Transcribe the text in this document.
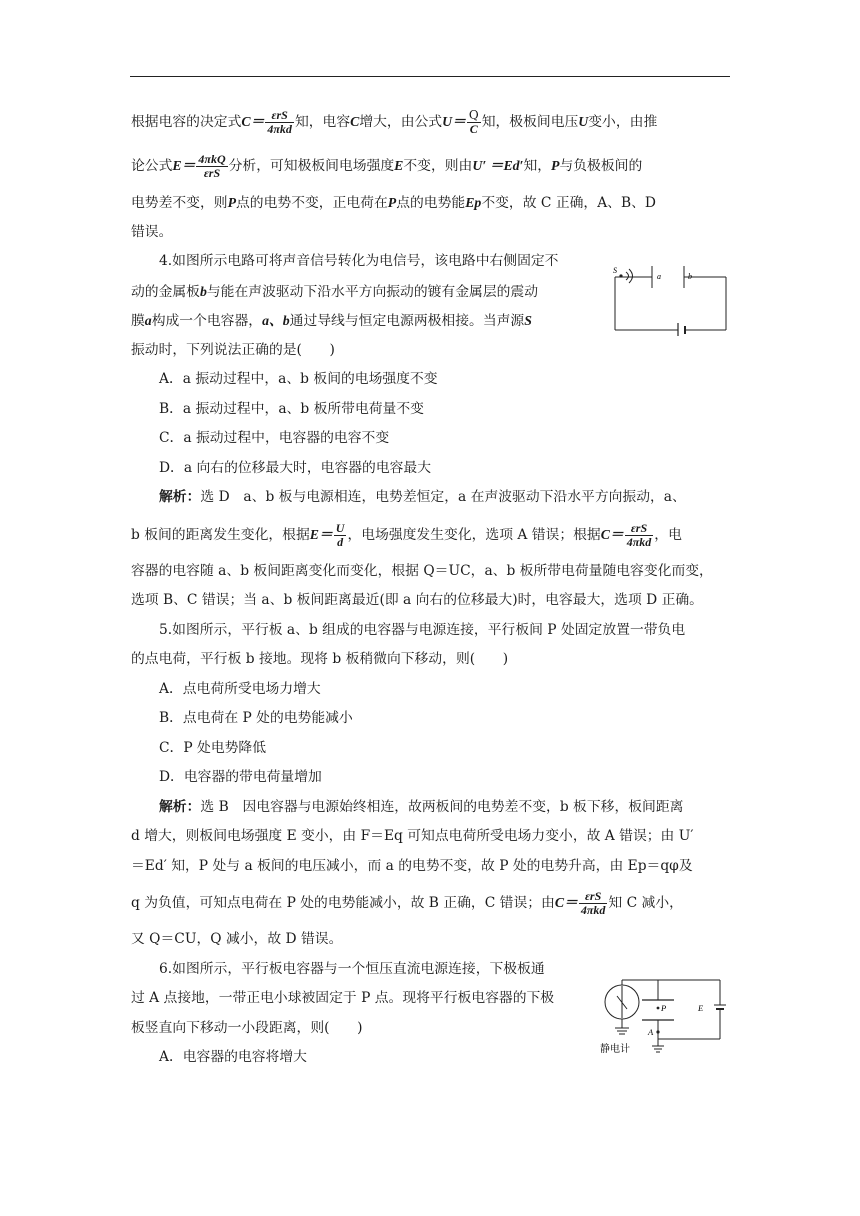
根据电容的决定式$C= \frac{\text{εrS}}{\text{4πkd}}$ 知，电容C增大，由公式$U= \frac{Q}{C}$ 知，极板间电压U变小，由推
论公式$E= \frac{\text{4πkQ}}{\text{εrS}}$ 分析，可知极板间电场强度E不变，则由U′ ＝Ed′知，P与负极板间的
电势差不变，则P点的电势不变，正电荷在P点的电势能Ep不变，故 C 正确，A、B、D
错误。
4.如图所示电路可将声音信号转化为电信号，该电路中右侧固定不
动的金属板b与能在声波驱动下沿水平方向振动的镀有金属层的震动
膜a构成一个电容器，a、b通过导线与恒定电源两极相接。当声源S
振动时，下列说法正确的是(　　)
A．a 振动过程中，a、b 板间的电场强度不变
B．a 振动过程中，a、b 板所带电荷量不变
C．a 振动过程中，电容器的电容不变
D．a 向右的位移最大时，电容器的电容最大
解析：选 D　a、b 板与电源相连，电势差恒定，a 在声波驱动下沿水平方向振动，a、
b 板间的距离发生变化，根据$E= \frac{U}{d}$ ，电场强度发生变化，选项 A 错误；根据$C= \frac{\text{εrS}}{\text{4πkd}}$ ，电
容器的电容随 a、b 板间距离变化而变化，根据 Q＝UC，a、b 板所带电荷量随电容变化而变，
选项 B、C 错误；当 a、b 板间距离最近(即 a 向右的位移最大)时，电容最大，选项 D 正确。
5.如图所示，平行板 a、b 组成的电容器与电源连接，平行板间 P 处固定放置一带负电
的点电荷，平行板 b 接地。现将 b 板稍微向下移动，则(　　)
A．点电荷所受电场力增大
B．点电荷在 P 处的电势能减小
C．P 处电势降低
D．电容器的带电荷量增加
解析：选 B　因电容器与电源始终相连，故两板间的电势差不变，b 板下移，板间距离
d 增大，则板间电场强度 E 变小，由 F＝Eq 可知点电荷所受电场力变小，故 A 错误；由 U′
＝Ed′ 知，P 处与 a 板间的电压减小，而 a 的电势不变，故 P 处的电势升高，由 Ep＝qφ及
q 为负值，可知点电荷在 P 处的电势能减小，故 B 正确，C 错误；由$C= \frac{\text{εrS}}{\text{4πkd}}$ 知 C 减小，
又 Q＝CU，Q 减小，故 D 错误。
6.如图所示，平行板电容器与一个恒压直流电源连接，下极板通
过 A 点接地，一带正电小球被固定于 P 点。现将平行板电容器的下极
板竖直向下移动一小段距离，则(　　)
A．电容器的电容将增大
S
a	b
P	E
A
静电计
